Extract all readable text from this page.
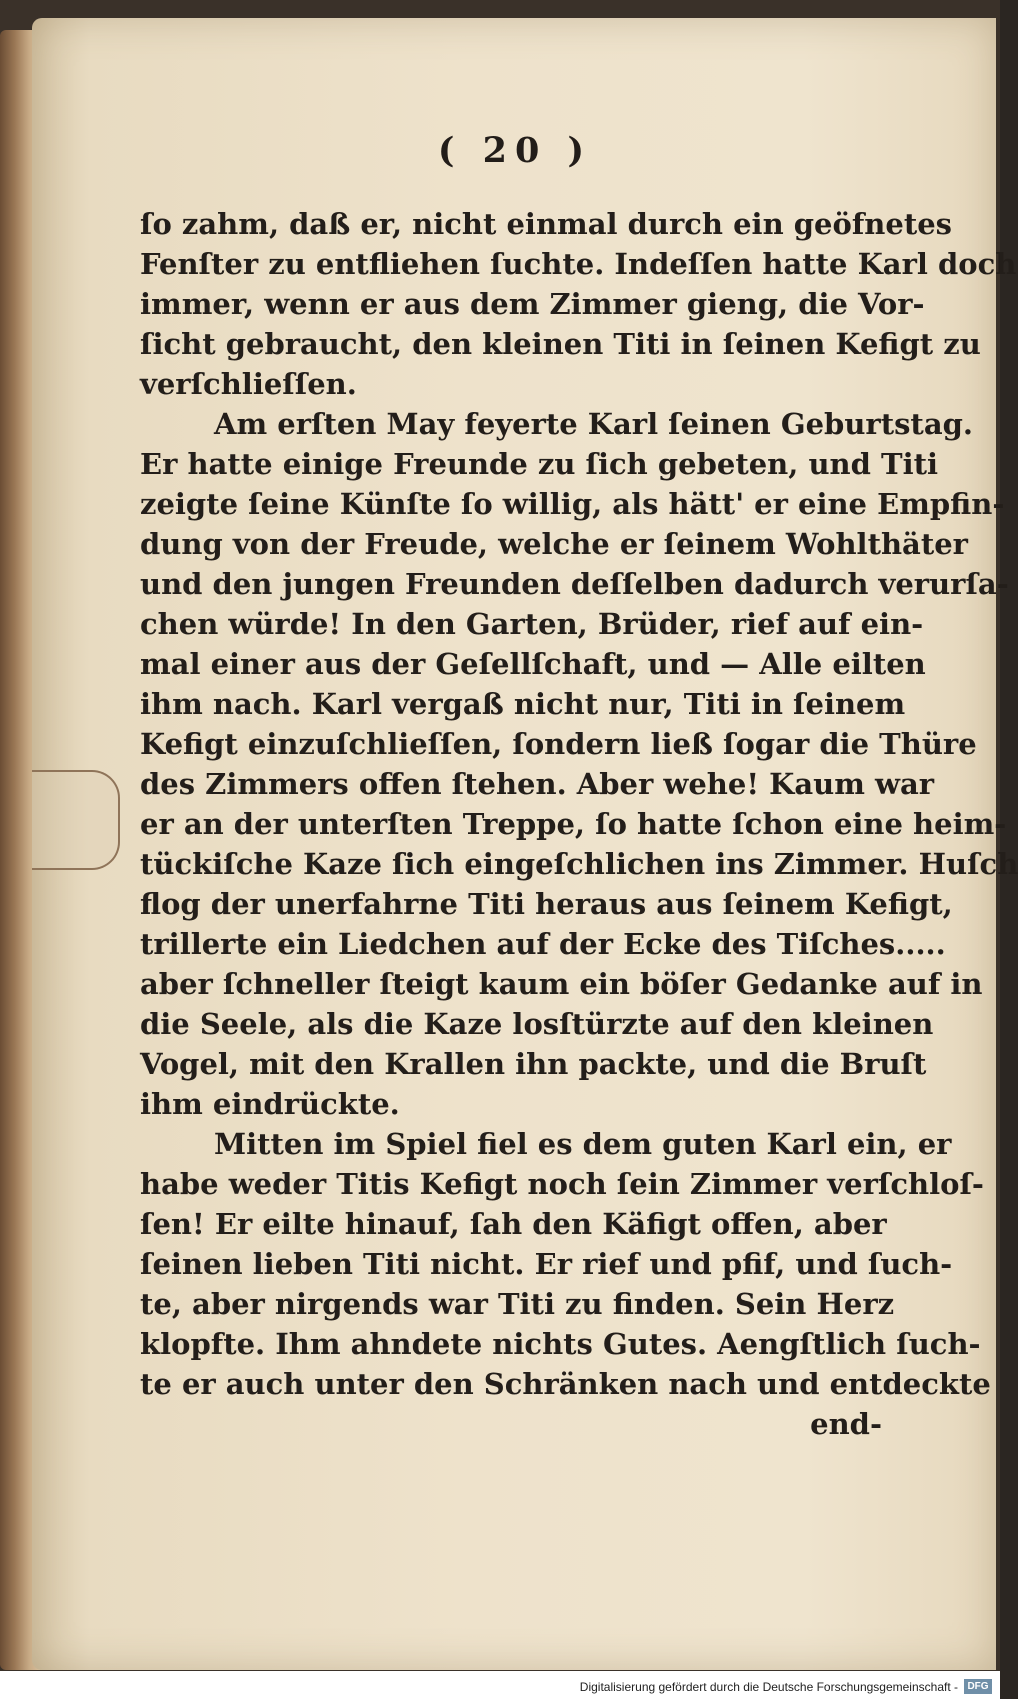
( 20 )
ſo zahm, daß er, nicht einmal durch ein geöfnetes
Fenſter zu entfliehen ſuchte. Indeſſen hatte Karl doch
immer, wenn er aus dem Zimmer gieng, die Vor-
ſicht gebraucht, den kleinen Titi in ſeinen Kefigt zu
verſchlieſſen.
Am erſten May feyerte Karl ſeinen Geburtstag.
Er hatte einige Freunde zu ſich gebeten, und Titi
zeigte ſeine Künſte ſo willig, als hätt' er eine Empfin-
dung von der Freude, welche er ſeinem Wohlthäter
und den jungen Freunden deſſelben dadurch verurſa-
chen würde! In den Garten, Brüder, rief auf ein-
mal einer aus der Geſellſchaft, und — Alle eilten
ihm nach. Karl vergaß nicht nur, Titi in ſeinem
Kefigt einzuſchlieſſen, ſondern ließ ſogar die Thüre
des Zimmers offen ſtehen. Aber wehe! Kaum war
er an der unterſten Treppe, ſo hatte ſchon eine heim-
tückiſche Kaze ſich eingeſchlichen ins Zimmer. Huſch
flog der unerfahrne Titi heraus aus ſeinem Kefigt,
trillerte ein Liedchen auf der Ecke des Tiſches.....
aber ſchneller ſteigt kaum ein böſer Gedanke auf in
die Seele, als die Kaze losſtürzte auf den kleinen
Vogel, mit den Krallen ihn packte, und die Bruſt
ihm eindrückte.
Mitten im Spiel fiel es dem guten Karl ein, er
habe weder Titis Kefigt noch ſein Zimmer verſchloſ-
ſen! Er eilte hinauf, ſah den Käfigt offen, aber
ſeinen lieben Titi nicht. Er rief und pfif, und ſuch-
te, aber nirgends war Titi zu finden. Sein Herz
klopfte. Ihm ahndete nichts Gutes. Aengſtlich ſuch-
te er auch unter den Schränken nach und entdeckte
end-
Digitalisierung gefördert durch die Deutsche Forschungsgemeinschaft - DFG
